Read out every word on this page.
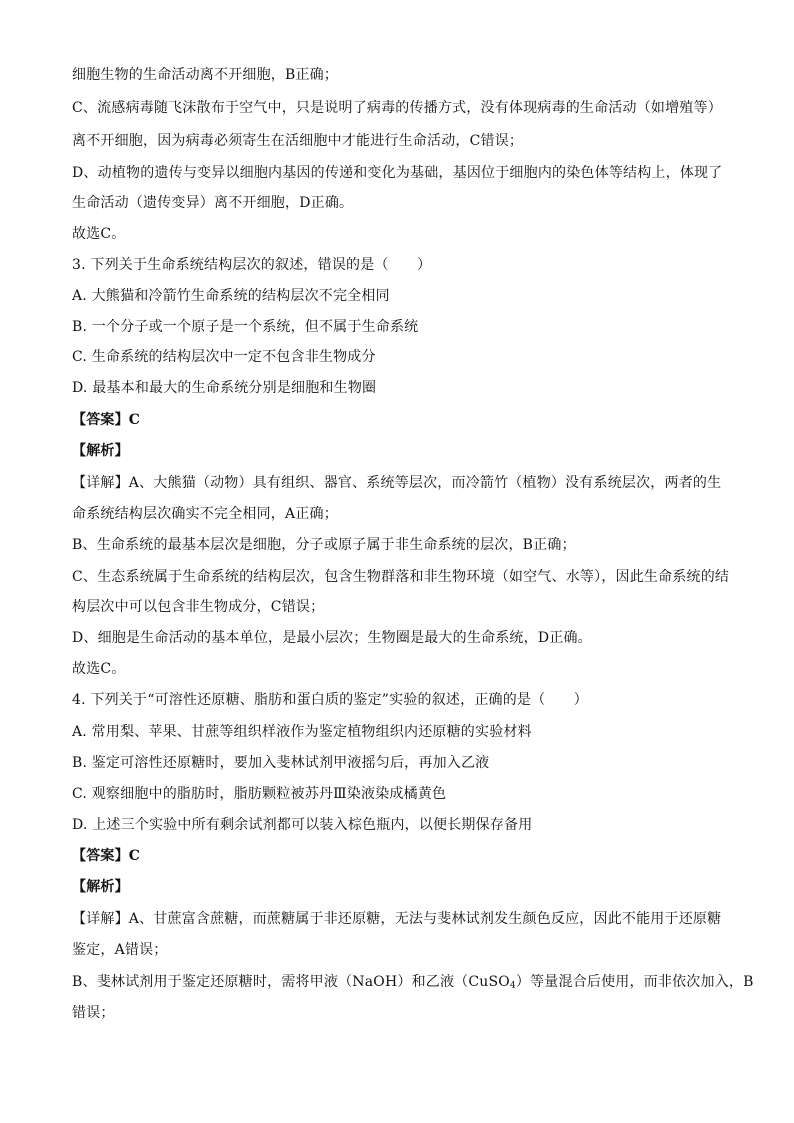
细胞生物的生命活动离不开细胞，B正确；
C、流感病毒随飞沫散布于空气中，只是说明了病毒的传播方式，没有体现病毒的生命活动（如增殖等）
离不开细胞，因为病毒必须寄生在活细胞中才能进行生命活动，C错误；
D、动植物的遗传与变异以细胞内基因的传递和变化为基础，基因位于细胞内的染色体等结构上，体现了
生命活动（遗传变异）离不开细胞，D正确。
故选C。
3. 下列关于生命系统结构层次的叙述，错误的是（　　）
A. 大熊猫和冷箭竹生命系统的结构层次不完全相同
B. 一个分子或一个原子是一个系统，但不属于生命系统
C. 生命系统的结构层次中一定不包含非生物成分
D. 最基本和最大的生命系统分别是细胞和生物圈
【答案】C
【解析】
【详解】A、大熊猫（动物）具有组织、器官、系统等层次，而冷箭竹（植物）没有系统层次，两者的生
命系统结构层次确实不完全相同，A正确；
B、生命系统的最基本层次是细胞，分子或原子属于非生命系统的层次，B正确；
C、生态系统属于生命系统的结构层次，包含生物群落和非生物环境（如空气、水等），因此生命系统的结
构层次中可以包含非生物成分，C错误；
D、细胞是生命活动的基本单位，是最小层次；生物圈是最大的生命系统，D正确。
故选C。
4. 下列关于“可溶性还原糖、脂肪和蛋白质的鉴定”实验的叙述，正确的是（　　）
A. 常用梨、苹果、甘蔗等组织样液作为鉴定植物组织内还原糖的实验材料
B. 鉴定可溶性还原糖时，要加入斐林试剂甲液摇匀后，再加入乙液
C. 观察细胞中的脂肪时，脂肪颗粒被苏丹Ⅲ染液染成橘黄色
D. 上述三个实验中所有剩余试剂都可以装入棕色瓶内，以便长期保存备用
【答案】C
【解析】
【详解】A、甘蔗富含蔗糖，而蔗糖属于非还原糖，无法与斐林试剂发生颜色反应，因此不能用于还原糖
鉴定，A错误；
B、斐林试剂用于鉴定还原糖时，需将甲液（NaOH）和乙液（CuSO$_4$）等量混合后使用，而非依次加入，B
错误；
